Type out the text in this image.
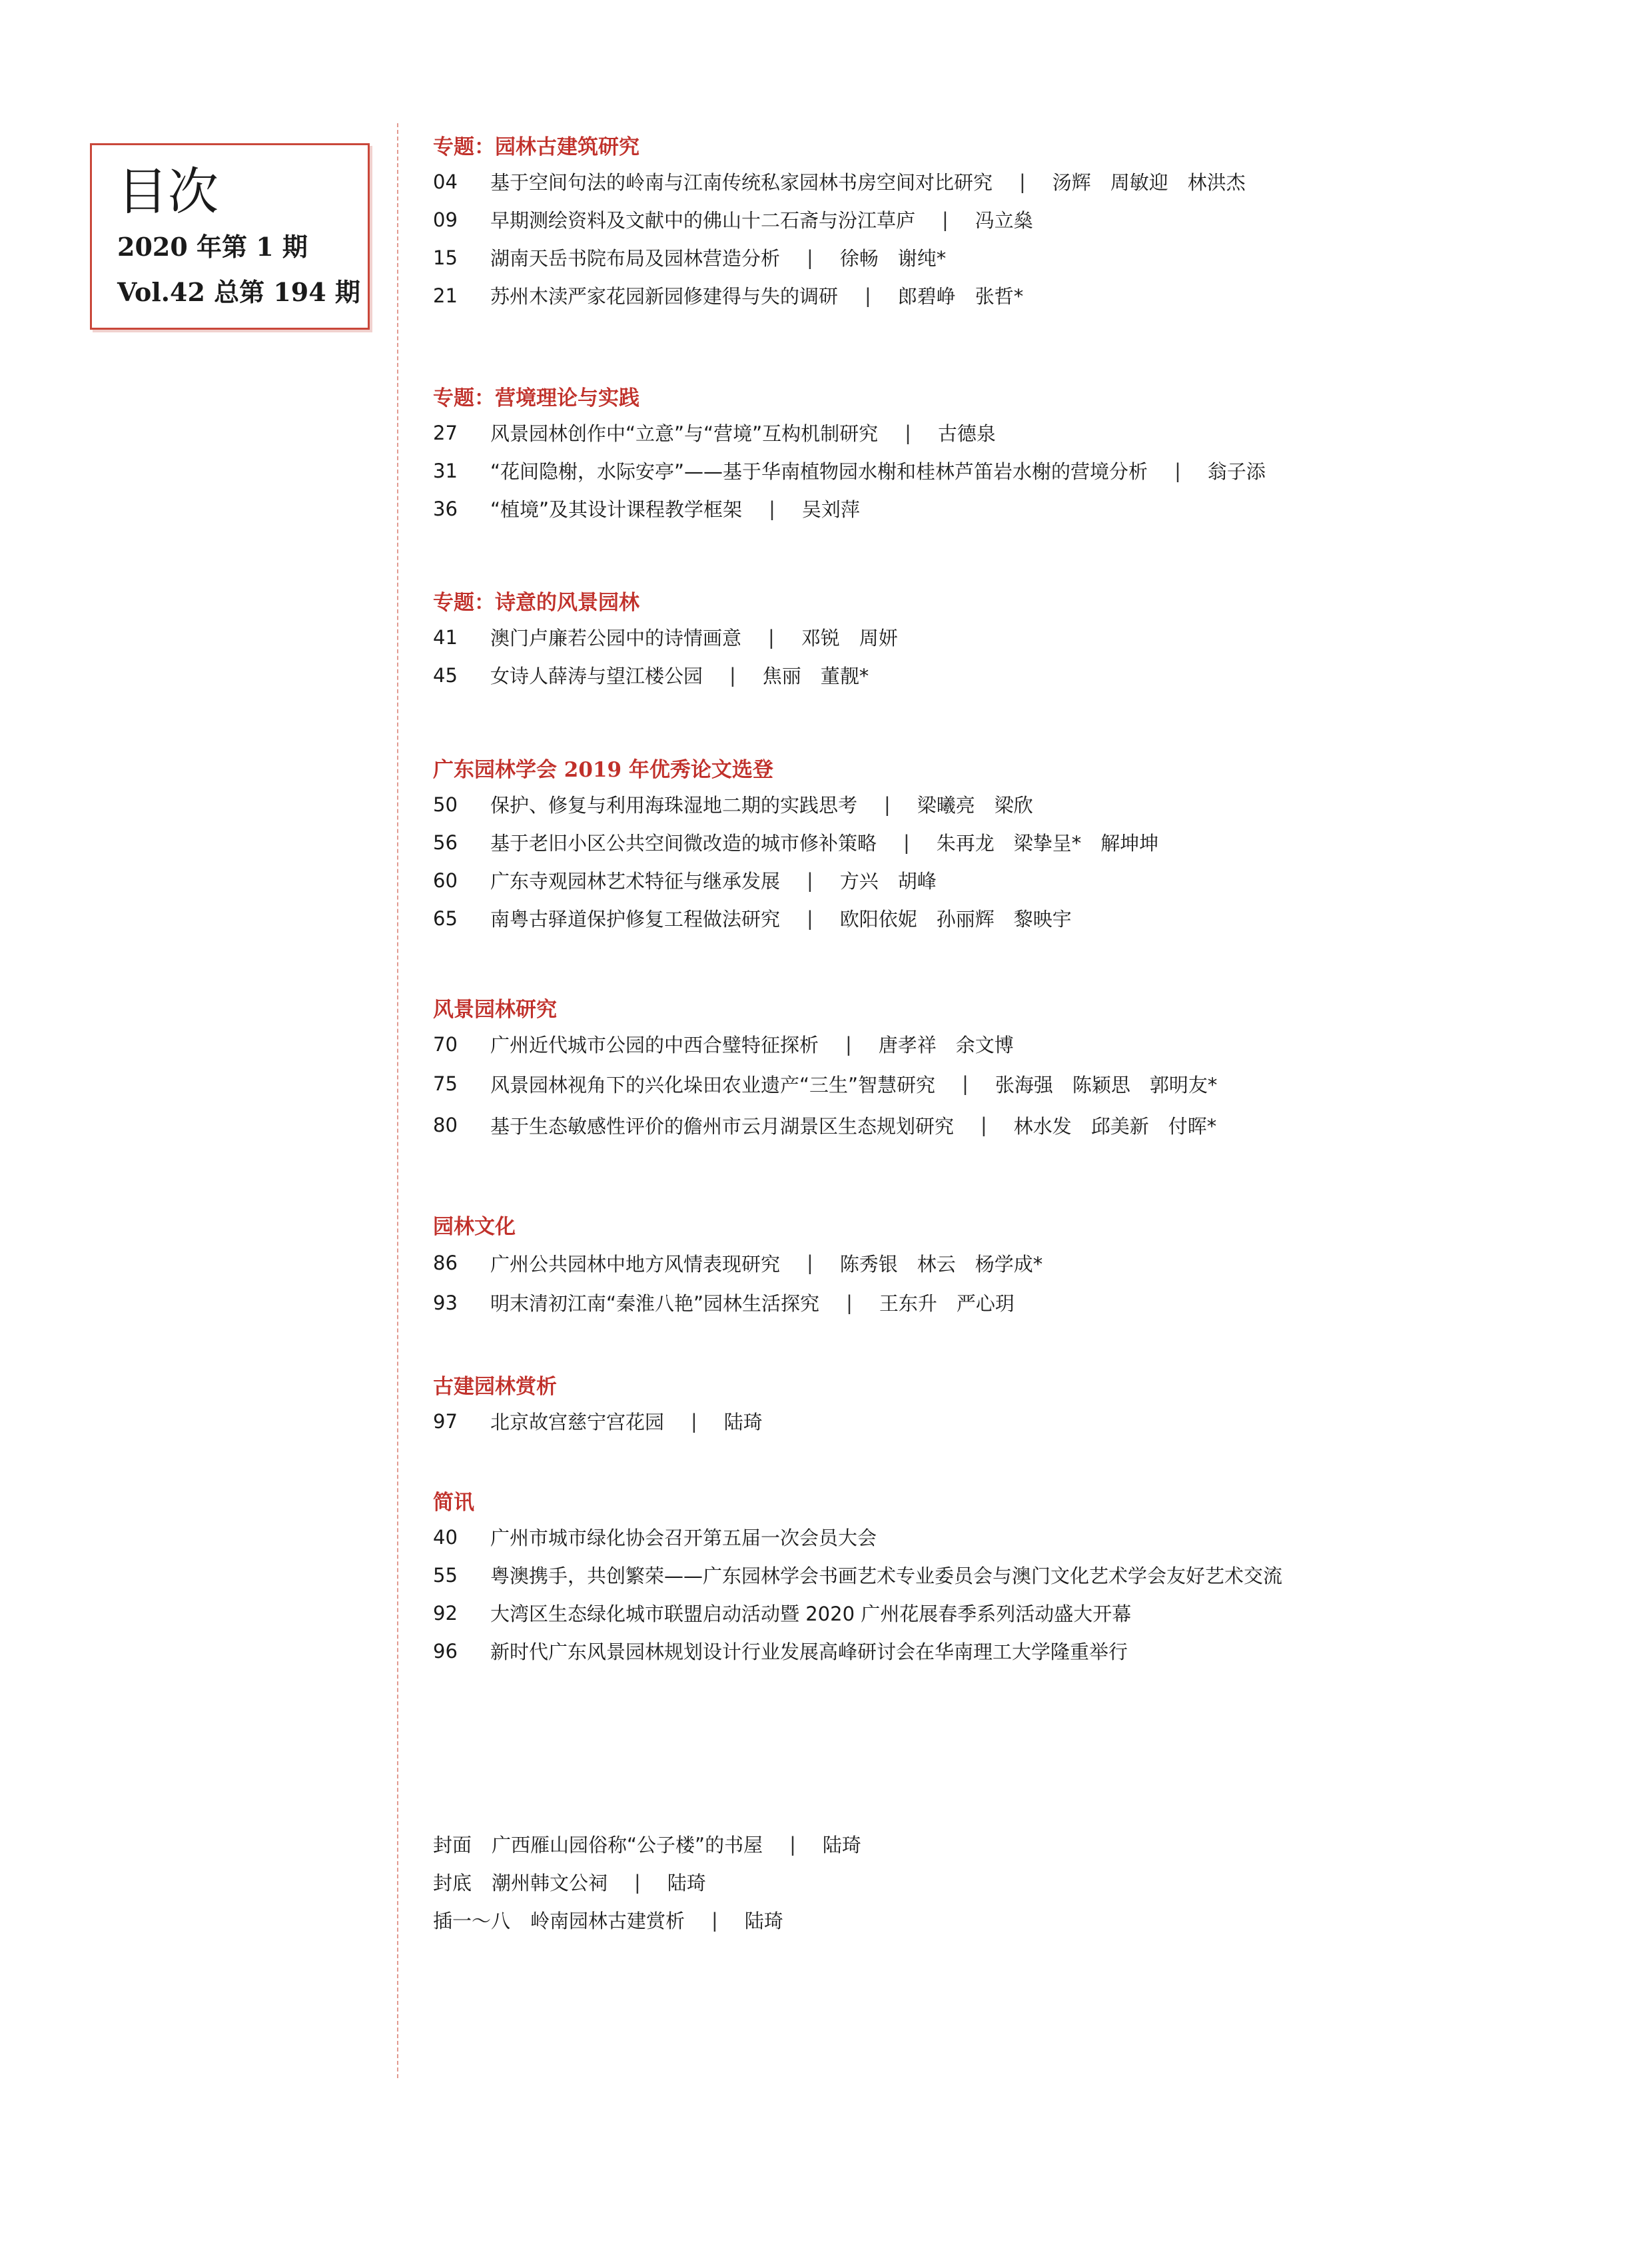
目次
2020 年第 1 期
Vol.42 总第 194 期
专题：园林古建筑研究
04	基于空间句法的岭南与江南传统私家园林书房空间对比研究 | 汤辉　周敏迎　林洪杰
09	早期测绘资料及文献中的佛山十二石斋与汾江草庐 | 冯立燊
15	湖南天岳书院布局及园林营造分析 | 徐畅　谢纯*
21	苏州木渎严家花园新园修建得与失的调研 | 郎碧峥　张哲*
专题：营境理论与实践
27	风景园林创作中“立意”与“营境”互构机制研究 | 古德泉
31	“花间隐榭，水际安亭”——基于华南植物园水榭和桂林芦笛岩水榭的营境分析 | 翁子添
36	“植境”及其设计课程教学框架 | 吴刘萍
专题：诗意的风景园林
41	澳门卢廉若公园中的诗情画意 | 邓锐　周妍
45	女诗人薛涛与望江楼公园 | 焦丽　董靓*
广东园林学会 2019 年优秀论文选登
50	保护、修复与利用海珠湿地二期的实践思考 | 梁曦亮　梁欣
56	基于老旧小区公共空间微改造的城市修补策略 | 朱再龙　梁挚呈*　解坤坤
60	广东寺观园林艺术特征与继承发展 | 方兴　胡峰
65	南粤古驿道保护修复工程做法研究 | 欧阳依妮　孙丽辉　黎映宇
风景园林研究
70	广州近代城市公园的中西合璧特征探析 | 唐孝祥　余文博
75	风景园林视角下的兴化垛田农业遗产“三生”智慧研究 | 张海强　陈颖思　郭明友*
80	基于生态敏感性评价的儋州市云月湖景区生态规划研究 | 林水发　邱美新　付晖*
园林文化
86	广州公共园林中地方风情表现研究 | 陈秀银　林云　杨学成*
93	明末清初江南“秦淮八艳”园林生活探究 | 王东升　严心玥
古建园林赏析
97	北京故宫慈宁宫花园 | 陆琦
简讯
40	广州市城市绿化协会召开第五届一次会员大会
55	粤澳携手，共创繁荣——广东园林学会书画艺术专业委员会与澳门文化艺术学会友好艺术交流
92	大湾区生态绿化城市联盟启动活动暨 2020 广州花展春季系列活动盛大开幕
96	新时代广东风景园林规划设计行业发展高峰研讨会在华南理工大学隆重举行
封面 广西雁山园俗称“公子楼”的书屋 | 陆琦
封底 潮州韩文公祠 | 陆琦
插一～八 岭南园林古建赏析 | 陆琦
